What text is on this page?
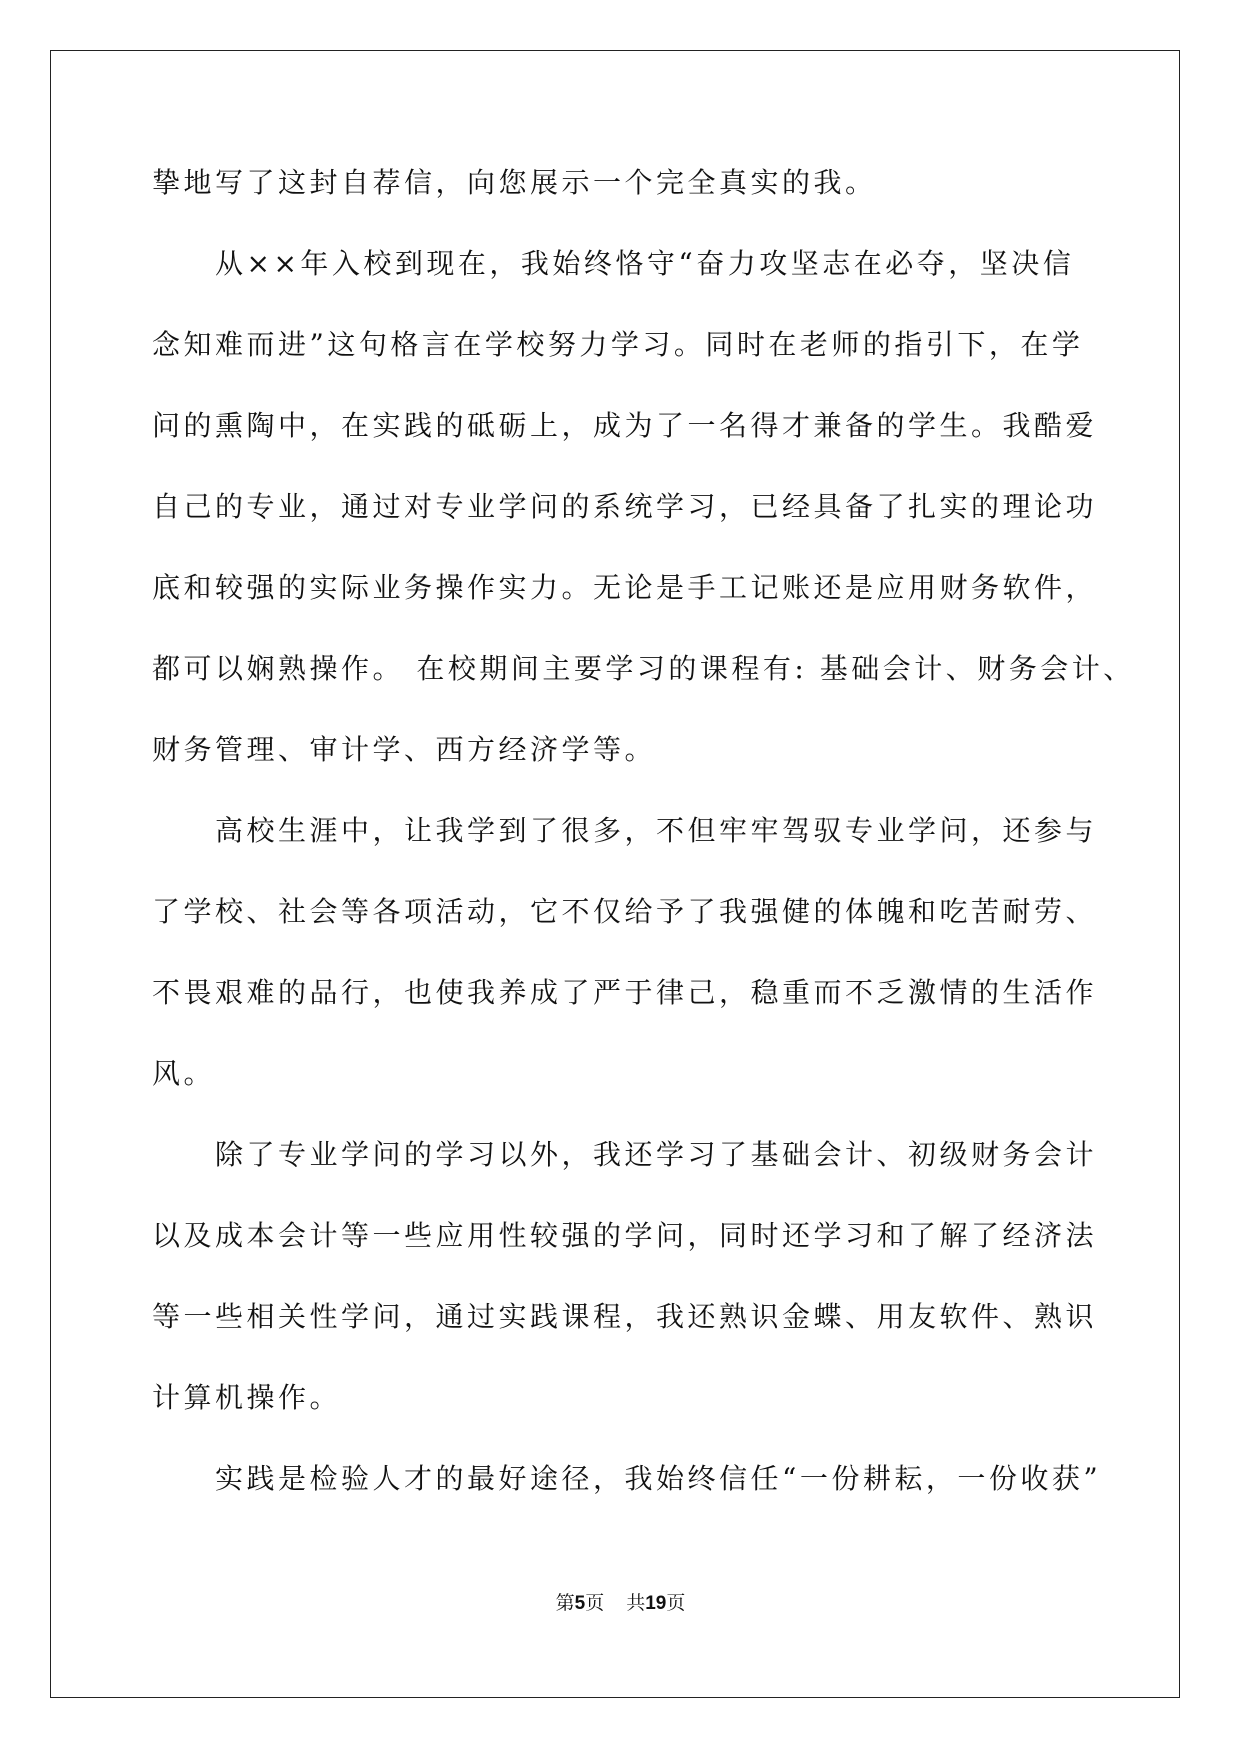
挚地写了这封自荐信，向您展示一个完全真实的我。
从××年入校到现在，我始终恪守“奋力攻坚志在必夺，坚决信
念知难而进”这句格言在学校努力学习。同时在老师的指引下，在学
问的熏陶中，在实践的砥砺上，成为了一名得才兼备的学生。我酷爱
自己的专业，通过对专业学问的系统学习，已经具备了扎实的理论功
底和较强的实际业务操作实力。无论是手工记账还是应用财务软件，
都可以娴熟操作。 在校期间主要学习的课程有: 基础会计、财务会计、
财务管理、审计学、西方经济学等。
高校生涯中，让我学到了很多，不但牢牢驾驭专业学问，还参与
了学校、社会等各项活动，它不仅给予了我强健的体魄和吃苦耐劳、
不畏艰难的品行，也使我养成了严于律己，稳重而不乏激情的生活作
风。
除了专业学问的学习以外，我还学习了基础会计、初级财务会计
以及成本会计等一些应用性较强的学问，同时还学习和了解了经济法
等一些相关性学问，通过实践课程，我还熟识金蝶、用友软件、熟识
计算机操作。
实践是检验人才的最好途径，我始终信任“一份耕耘，一份收获”
第5页 共19页
